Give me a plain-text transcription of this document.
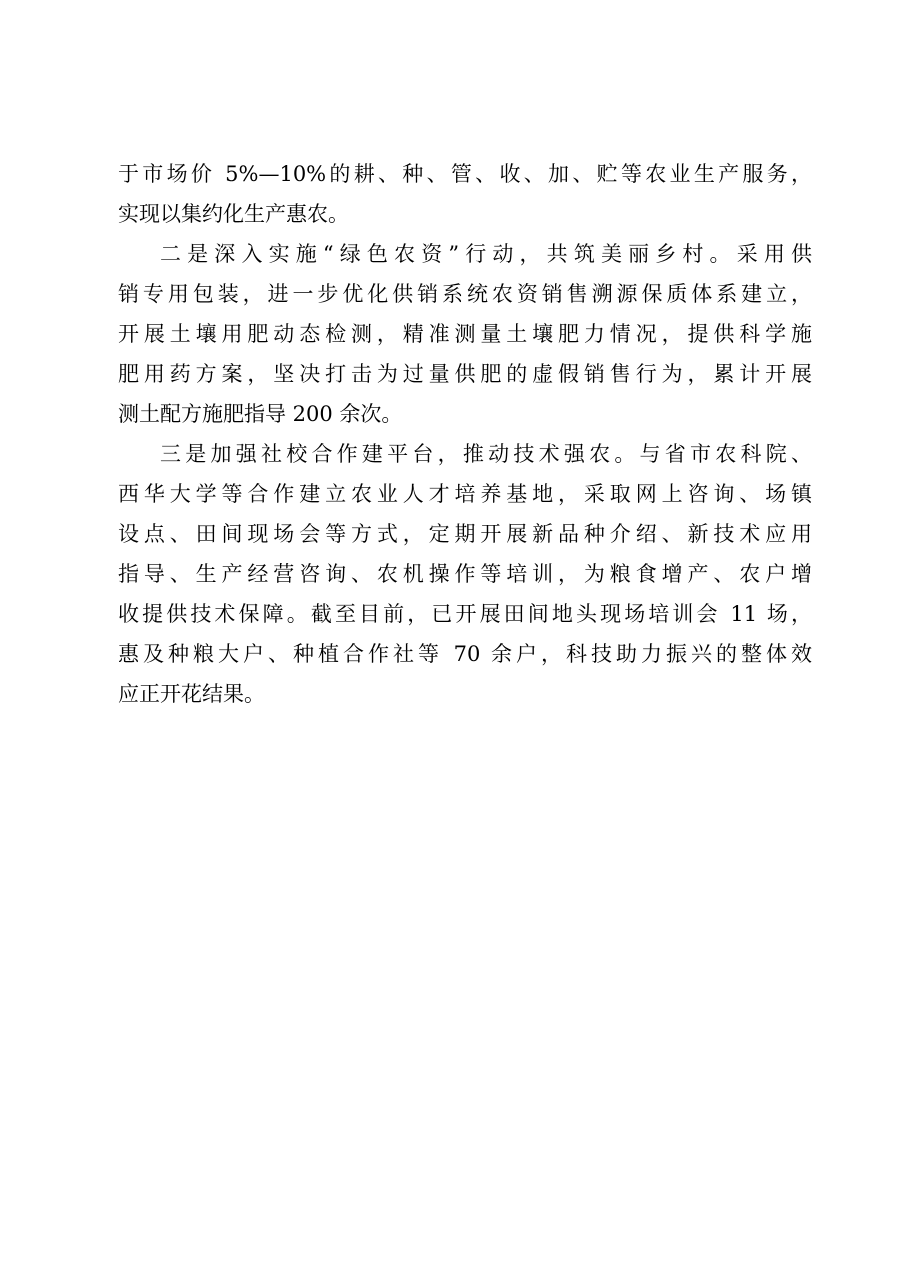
于市场价 5%—10%的耕、种、管、收、加、贮等农业生产服务，
实现以集约化生产惠农。
二是深入实施“绿色农资”行动，共筑美丽乡村。采用供
销专用包装，进一步优化供销系统农资销售溯源保质体系建立，
开展土壤用肥动态检测，精准测量土壤肥力情况，提供科学施
肥用药方案，坚决打击为过量供肥的虚假销售行为，累计开展
测土配方施肥指导 200 余次。
三是加强社校合作建平台，推动技术强农。与省市农科院、
西华大学等合作建立农业人才培养基地，采取网上咨询、场镇
设点、田间现场会等方式，定期开展新品种介绍、新技术应用
指导、生产经营咨询、农机操作等培训，为粮食增产、农户增
收提供技术保障。截至目前，已开展田间地头现场培训会 11 场，
惠及种粮大户、种植合作社等 70 余户，科技助力振兴的整体效
应正开花结果。
